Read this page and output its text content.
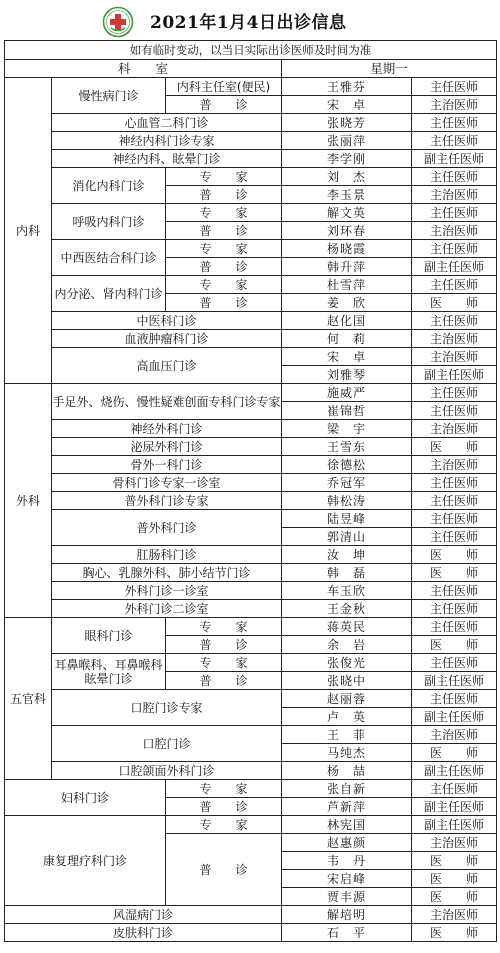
2021年1月4日出诊信息
如有临时变动，以当日实际出诊医师及时间为准				
科　　室			星期一	
内科	慢性病门诊	内科主任室(便民)	王雅芬	主任医师
		普　　诊	宋　卓	主治医师
	心血管二科门诊		张晓芳	主任医师
	神经内科门诊专家		张丽萍	主任医师
	神经内科、眩晕门诊		李学刚	副主任医师
	消化内科门诊	专　　家	刘　杰	主任医师
		普　　诊	李玉景	主治医师
	呼吸内科门诊	专　　家	解文英	主任医师
		普　　诊	刘环春	主治医师
	中西医结合科门诊	专　　家	杨晓霞	主任医师
		普　　诊	韩升萍	副主任医师
	内分泌、肾内科门诊	专　　家	杜雪萍	主任医师
		普　　诊	姜　欣	医　　师
	中医科门诊		赵化国	主任医师
	血液肿瘤科门诊		何　莉	主治医师
	高血压门诊		宋　卓	主治医师
			刘雅琴	副主任医师
外科	手足外、烧伤、慢性疑难创面专科门诊专家		施威严	主任医师
			崔锦哲	主任医师
	神经外科门诊		梁　宇	主治医师
	泌尿外科门诊		王雪东	医　　师
	骨外一科门诊		徐德松	主治医师
	骨科门诊专家一诊室		乔冠军	主任医师
	普外科门诊专家		韩松涛	主任医师
	普外科门诊		陆昱峰	主任医师
			郭清山	主任医师
	肛肠科门诊		汝　坤	医　　师
	胸心、乳腺外科、肺小结节门诊		韩　磊	医　　师
	外科门诊一诊室		车玉欣	主任医师
	外科门诊二诊室		王金秋	主任医师
五官科	眼科门诊	专　　家	蒋英民	主任医师
		普　　诊	余　岩	医　　师
	耳鼻喉科、耳鼻喉科眩晕门诊	专　　家	张俊光	主任医师
		普　　诊	张晓中	副主任医师
	口腔门诊专家		赵丽蓉	主任医师
			卢　英	副主任医师
	口腔门诊		王　菲	主治医师
			马纯杰	医　　师
	口腔颌面外科门诊		杨　喆	副主任医师
妇科门诊		专　　家	张自新	主任医师
		普　　诊	芦新萍	副主任医师
康复理疗科门诊		专　　家	林宪国	副主任医师
		普　　诊	赵惠颜	主治医师
			韦　丹	医　　师
			宋启峰	医　　师
			贾丰源	医　　师
风湿病门诊			解培明	主治医师
皮肤科门诊			石　平	医　　师
